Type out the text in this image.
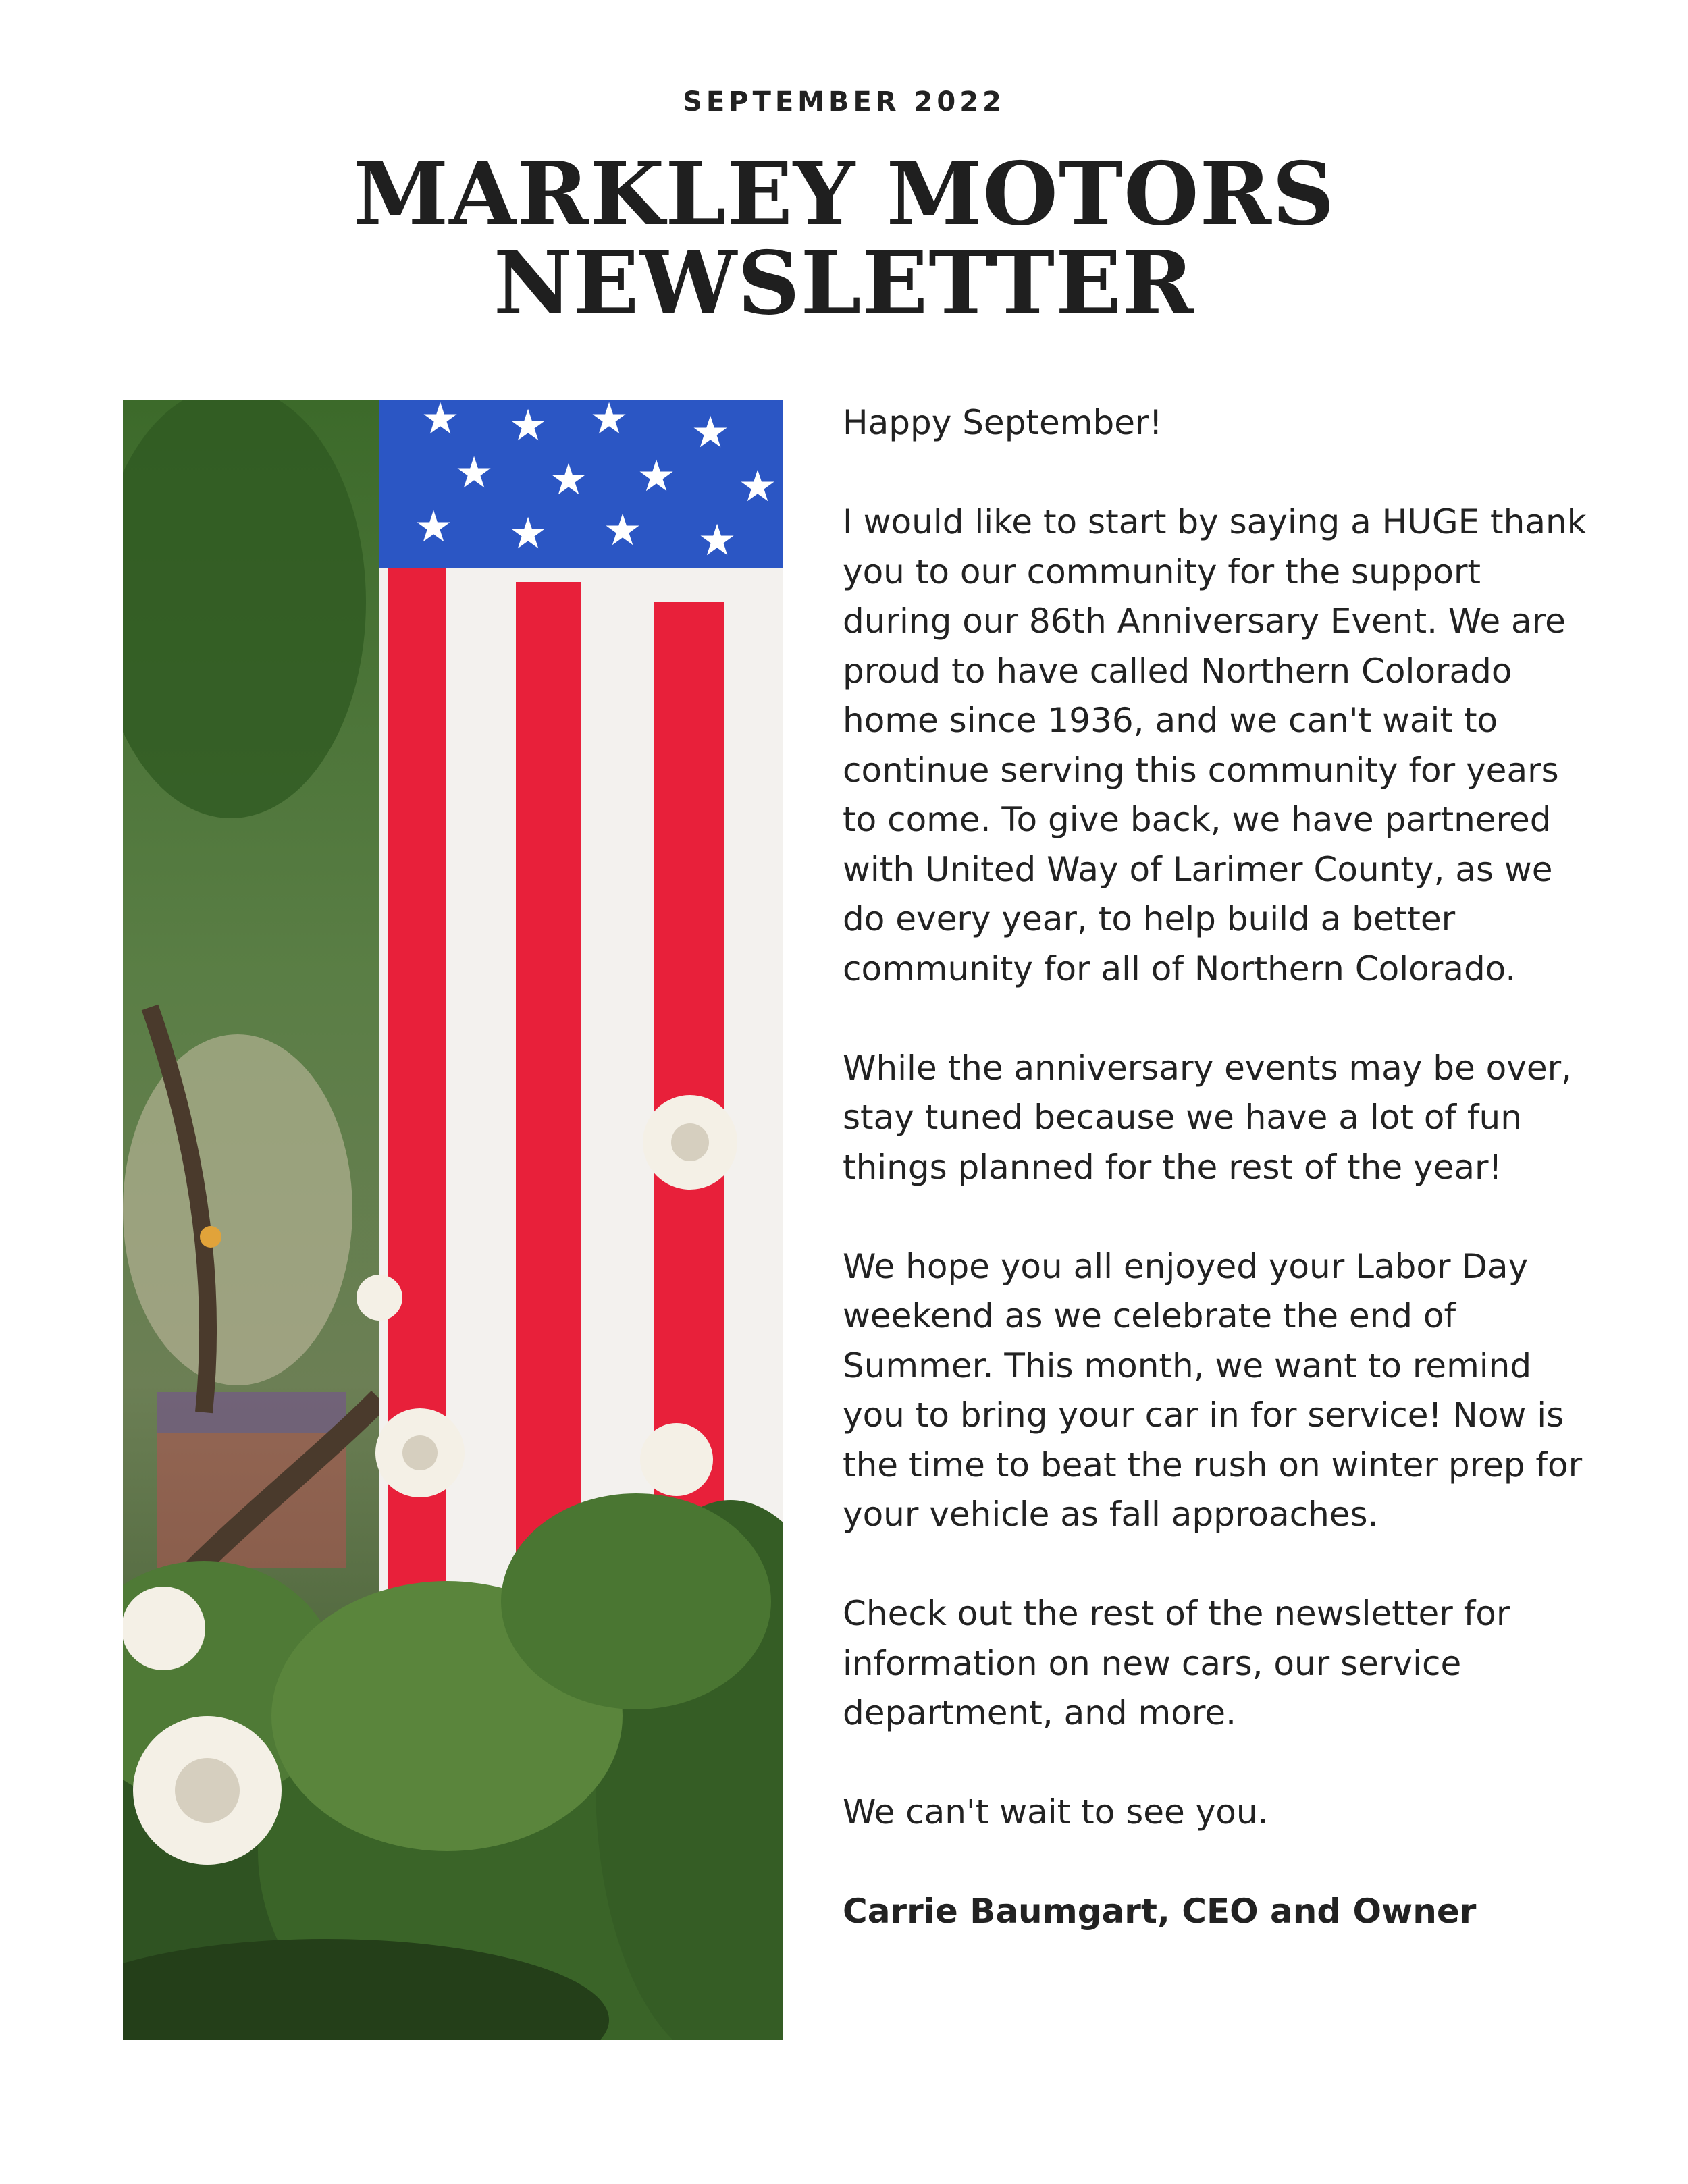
SEPTEMBER 2022
MARKLEY MOTORS
NEWSLETTER
★ ★ ★ ★
★ ★ ★ ★
★ ★ ★ ★

Happy September!

I would like to start by saying a HUGE thank you to our community for the support during our 86th Anniversary Event. We are proud to have called Northern Colorado home since 1936, and we can't wait to continue serving this community for years to come. To give back, we have partnered with United Way of Larimer County, as we do every year, to help build a better community for all of Northern Colorado.

While the anniversary events may be over, stay tuned because we have a lot of fun things planned for the rest of the year!

We hope you all enjoyed your Labor Day weekend as we celebrate the end of Summer. This month, we want to remind you to bring your car in for service! Now is the time to beat the rush on winter prep for your vehicle as fall approaches.

Check out the rest of the newsletter for information on new cars, our service department, and more.

We can't wait to see you.

Carrie Baumgart, CEO and Owner
